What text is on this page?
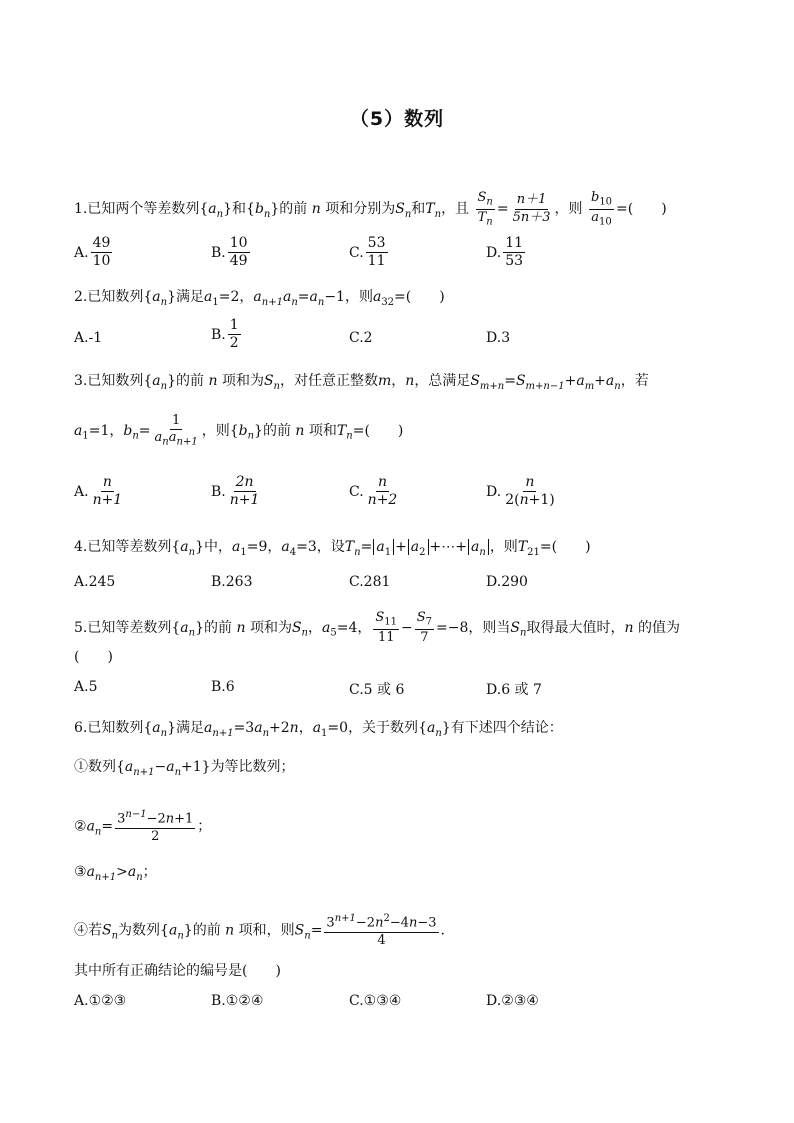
（5）数列
1.已知两个等差数列$\{a_n\}$和$\{b_n\}$的前 n 项和分别为$S_n$和$T_n$，且 $\frac{S_n}{T_n} = \frac{n+1}{5n+3}$ ，则 $\frac{b_{10}}{a_{10}}$ =(　　)
A. $\frac{49}{10}$	B. $\frac{10}{49}$	C. $\frac{53}{11}$	D. $\frac{11}{53}$
2.已知数列$\{a_n\}$满足$a_1=2$，$a_{n+1}a_n=a_n-1$，则$a_{32}=$(　　)
A.-1	B. $\frac{1}{2}$	C.2	D.3
3.已知数列$\{a_n\}$的前 n 项和为$S_n$，对任意正整数m，n，总满足$S_{m+n}=S_{m+n-1}+a_m+a_n$，若
$a_1=1$，$b_n= \frac{1}{a_na_{n+1}}$ ，则$\{b_n\}$的前 n 项和$T_n=$(　　)
A. $\frac{n}{n+1}$	B. $\frac{2n}{n+1}$	C. $\frac{n}{n+2}$	D. $\frac{n}{2(n+1)}$
4.已知等差数列$\{a_n\}$中，$a_1=9$，$a_4=3$，设$T_n= a_1 + a_2$ +⋯+ $a_n$ ，则$T_{21}=$(　　)
A.245	B.263	C.281	D.290
5.已知等差数列$\{a_n\}$的前 n 项和为$S_n$，$a_5=4$， $\frac{S_{11}}{11} - \frac{S_7}{7} =-8$，则当$S_n$取得最大值时，n 的值为
(　　)
A.5	B.6	C.5 或 6	D.6 或 7
6.已知数列$\{a_n\}$满足$a_{n+1}=3a_n+2n$，$a_1=0$，关于数列$\{a_n\}$有下述四个结论：
①数列$\{a_{n+1}-a_n+1\}$为等比数列；
$②a_n= \frac{3^{n-1}-2n+1}{2}$ ；
$③a_{n+1}>a_n$；
④若$S_n$为数列$\{a_n\}$的前 n 项和，则$S_n= \frac{3^{n+1}-2n^2-4n-3}{4}$ .
其中所有正确结论的编号是(　　)
A.①②③	B.①②④	C.①③④	D.②③④
